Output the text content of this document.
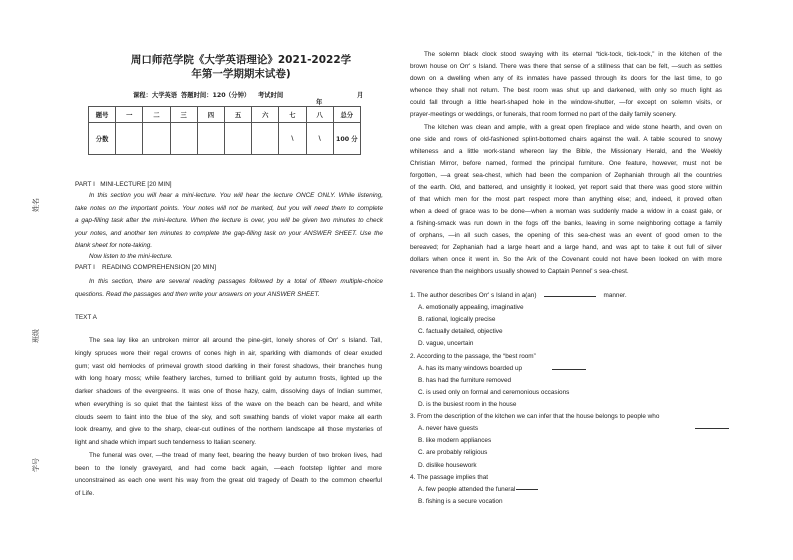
姓名
班级
学号
周口师范学院《大学英语理论》2021-2022学
年第一学期期末试卷)
课程：大学英语 答题时间：120 （分钟） 考试时间
年
月
题号	一	二	三	四	五	六	七	八	总分
分数							\	\	100 分
PART I   MINI-LECTURE [20 MIN]
In this section you will hear a mini-lecture. You will hear the lecture ONCE ONLY. While listening,
take notes on the important points. Your notes will not be marked, but you will need them to complete
a gap-filling task after the mini-lecture. When the lecture is over, you will be given two minutes to check
your notes, and another ten minutes to complete the gap-filling task on your ANSWER SHEET. Use the
blank sheet for note-taking.
Now listen to the mini-lecture.
PART I    READING COMPREHENSION [20 MIN]
In this section, there are several reading passages followed by a total of fifteen multiple-choice
questions. Read the passages and then write your answers on your ANSWER SHEET.
TEXT A
The sea lay like an unbroken mirror all around the pine-girt, lonely shores of Orr' s Island. Tall,
kingly spruces wore their regal crowns of cones high in air, sparkling with diamonds of clear exuded
gum; vast old hemlocks of primeval growth stood darkling in their forest shadows, their branches hung
with long hoary moss; while feathery larches, turned to brilliant gold by autumn frosts, lighted up the
darker shadows of the evergreens. It was one of those hazy, calm, dissolving days of Indian summer,
when everything is so quiet that the faintest kiss of the wave on the beach can be heard, and white
clouds seem to faint into the blue of the sky, and soft swathing bands of violet vapor make all earth
look dreamy, and give to the sharp, clear-cut outlines of the northern landscape all those mysteries of
light and shade which impart such tenderness to Italian scenery.
The funeral was over, —the tread of many feet, bearing the heavy burden of two broken lives, had
been to the lonely graveyard, and had come back again, —each footstep lighter and more
unconstrained as each one went his way from the great old tragedy of Death to the common cheerful
of Life.
The solemn black clock stood swaying with its eternal “tick-tock, tick-tock,” in the kitchen of the
brown house on Orr' s Island. There was there that sense of a stillness that can be felt, —such as settles
down on a dwelling when any of its inmates have passed through its doors for the last time, to go
whence they shall not return. The best room was shut up and darkened, with only so much light as
could fall through a little heart-shaped hole in the window-shutter, —for except on solemn visits, or
prayer-meetings or weddings, or funerals, that room formed no part of the daily family scenery.
The kitchen was clean and ample, with a great open fireplace and wide stone hearth, and oven on
one side and rows of old-fashioned splint-bottomed chairs against the wall. A table scoured to snowy
whiteness and a little work-stand whereon lay the Bible, the Missionary Herald, and the Weekly
Christian Mirror, before named, formed the principal furniture. One feature, however, must not be
forgotten, —a great sea-chest, which had been the companion of Zephaniah through all the countries
of the earth. Old, and battered, and unsightly it looked, yet report said that there was good store within
of that which men for the most part respect more than anything else; and, indeed, it proved often
when a deed of grace was to be done—when a woman was suddenly made a widow in a coast gale, or
a fishing-smack was run down in the fogs off the banks, leaving in some neighboring cottage a family
of orphans, —in all such cases, the opening of this sea-chest was an event of good omen to the
bereaved; for Zephaniah had a large heart and a large hand, and was apt to take it out full of silver
dollars when once it went in. So the Ark of the Covenant could not have been looked on with more
reverence than the neighbors usually showed to Captain Pennel' s sea-chest.
1. The author describes Orr' s Island in a(an)	manner.
A. emotionally appealing, imaginative
B. rational, logically precise
C. factually detailed, objective
D. vague, uncertain
2. According to the passage, the “best room”
A. has its many windows boarded up
B. has had the furniture removed
C. is used only on formal and ceremonious occasions
D. is the busiest room in the house
3. From the description of the kitchen we can infer that the house belongs to people who
A. never have guests
B. like modern appliances
C. are probably religious
D. dislike housework
4. The passage implies that
A. few people attended the funeral
B. fishing is a secure vocation
